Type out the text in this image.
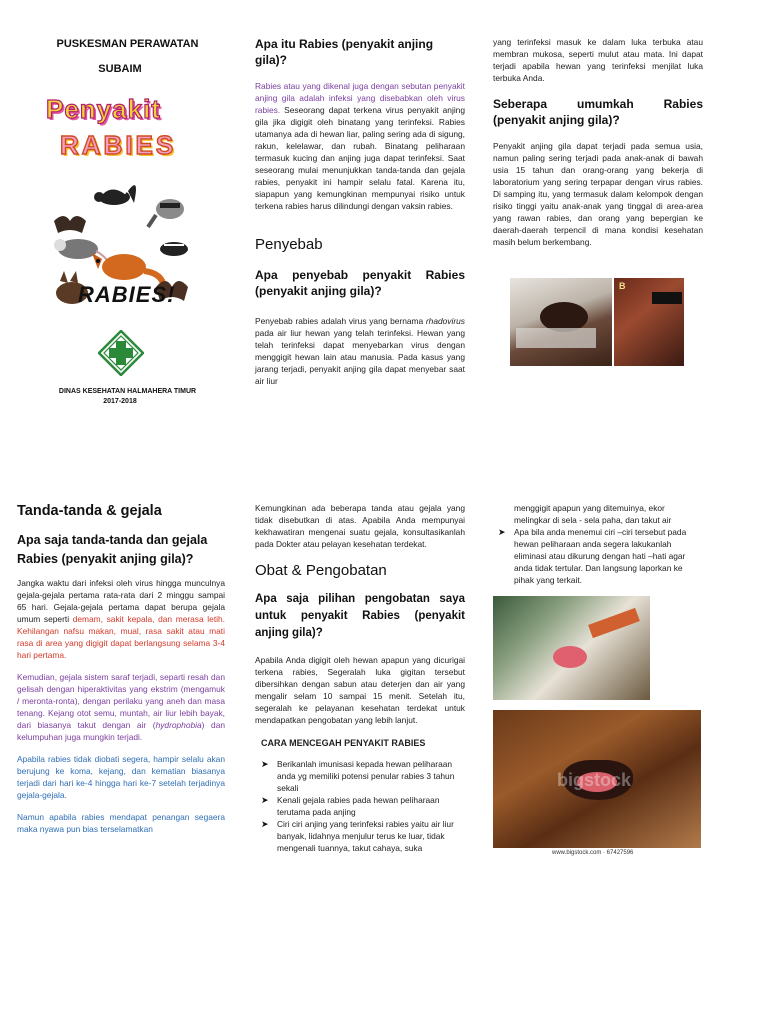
PUSKESMAN PERAWATAN
SUBAIM
Penyakit
RABIES
RABIES!
DINAS KESEHATAN HALMAHERA TIMUR
2017-2018
Apa itu Rabies (penyakit anjing gila)?

Rabies atau yang dikenal juga dengan sebutan penyakit anjing gila adalah infeksi yang disebabkan oleh virus rabies. Seseorang dapat terkena virus penyakit anjing gila jika digigit oleh binatang yang terinfeksi. Rabies utamanya ada di hewan liar, paling sering ada di sigung, rakun, kelelawar, dan rubah. Binatang peliharaan termasuk kucing dan anjing juga dapat terinfeksi. Saat seseorang mulai menunjukkan tanda-tanda dan gejala rabies, penyakit ini hampir selalu fatal. Karena itu, siapapun yang kemungkinan mempunyai risiko untuk terkena rabies harus dilindungi dengan vaksin rabies.

Penyebab
Apa penyebab penyakit Rabies (penyakit anjing gila)?

Penyebab rabies adalah virus yang bernama rhadovirus pada air liur hewan yang telah terinfeksi. Hewan yang telah terinfeksi dapat menyebarkan virus dengan menggigit hewan lain atau manusia. Pada kasus yang jarang terjadi, penyakit anjing gila dapat menyebar saat air liur

yang terinfeksi masuk ke dalam luka terbuka atau membran mukosa, seperti mulut atau mata. Ini dapat terjadi apabila hewan yang terinfeksi menjilat luka terbuka Anda.

Seberapa umumkah Rabies (penyakit anjing gila)?

Penyakit anjing gila dapat terjadi pada semua usia, namun paling sering terjadi pada anak-anak di bawah usia 15 tahun dan orang-orang yang bekerja di laboratorium yang sering terpapar dengan virus rabies. Di samping itu, yang termasuk dalam kelompok dengan risiko tinggi yaitu anak-anak yang tinggal di area-area yang rawan rabies, dan orang yang bepergian ke daerah-daerah terpencil di mana kondisi kesehatan masih belum berkembang.

B
Tanda-tanda & gejala
Apa saja tanda-tanda dan gejala Rabies (penyakit anjing gila)?

Jangka waktu dari infeksi oleh virus hingga munculnya gejala-gejala pertama rata-rata dari 2 minggu sampai 65 hari. Gejala-gejala pertama dapat berupa gejala umum seperti demam, sakit kepala, dan merasa letih. Kehilangan nafsu makan, mual, rasa sakit atau mati rasa di area yang digigit dapat berlangsung selama 3-4 hari pertama.

Kemudian, gejala sistem saraf terjadi, separti resah dan gelisah dengan hiperaktivitas yang ekstrim (mengamuk / meronta-ronta), dengan perilaku yang aneh dan masa tenang. Kejang otot semu, muntah, air liur lebih bayak, dari biasanya takut dengan air (hydrophobia) dan kelumpuhan juga mungkin terjadi.

Apabila rabies tidak diobati segera, hampir selalu akan berujung ke koma, kejang, dan kematian biasanya terjadi dari hari ke-4 hingga hari ke-7 setelah terjadinya gejala-gejala.

Namun apabila rabies mendapat penangan segaera maka nyawa pun bias terselamatkan

Kemungkinan ada beberapa tanda atau gejala yang tidak disebutkan di atas. Apabila Anda mempunyai kekhawatiran mengenai suatu gejala, konsultasikanlah pada Dokter atau pelayan kesehatan terdekat.

Obat & Pengobatan
Apa saja pilihan pengobatan saya untuk penyakit Rabies (penyakit anjing gila)?

Apabila Anda digigit oleh hewan apapun yang dicurigai terkena rabies, Segeralah luka gigitan tersebut dibersihkan dengan sabun atau deterjen dan air yang mengalir selam 10 sampai 15 menit. Setelah itu, segeralah ke pelayanan kesehatan terdekat untuk mendapatkan pengobatan yang lebih lanjut.

CARA MENCEGAH PENYAKIT RABIES
➤ Berikanlah imunisasi kepada hewan peliharaan anda yg memiliki potensi penular rabies 3 tahun sekali
➤ Kenali gejala rabies pada hewan peliharaan terutama pada anjing
➤ Ciri ciri anjing yang terinfeksi rabies yaitu air liur banyak, lidahnya menjulur terus ke luar, tidak mengenali tuannya, takut cahaya, suka

menggigit apapun yang ditemuinya, ekor melingkar di sela - sela paha, dan takut air

➤ Apa bila anda menemui ciri –ciri tersebut pada hewan peliharaan anda segera lakukanlah eliminasi atau dikurung dengan hati –hati agar anda tidak tertular. Dan langsung laporkan ke pihak yang terkait.
bigstock
www.bigstock.com · 67427596
